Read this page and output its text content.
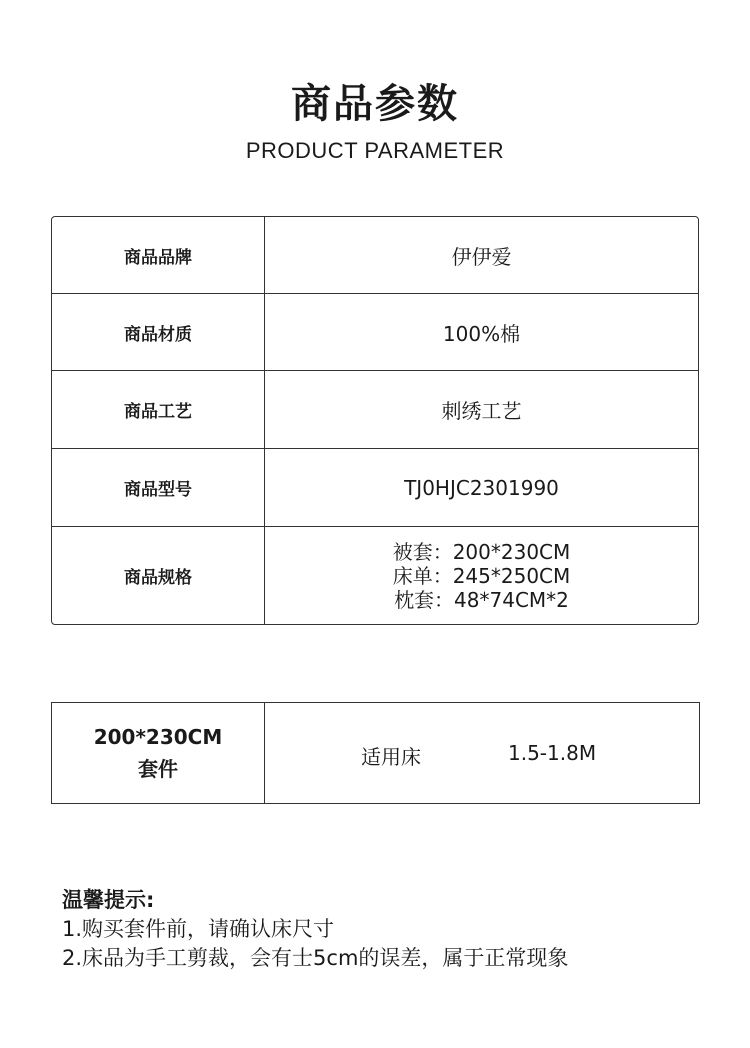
商品参数
PRODUCT PARAMETER
商品品牌	伊伊爱
商品材质	100%棉
商品工艺	刺绣工艺
商品型号	TJ0HJC2301990
商品规格
被套：200*230CM
床单：245*250CM
枕套：48*74CM*2
200*230CM
套件	适用床	1.5-1.8M
温馨提示:
1.购买套件前，请确认床尺寸
2.床品为手工剪裁，会有士5cm的误差，属于正常现象
